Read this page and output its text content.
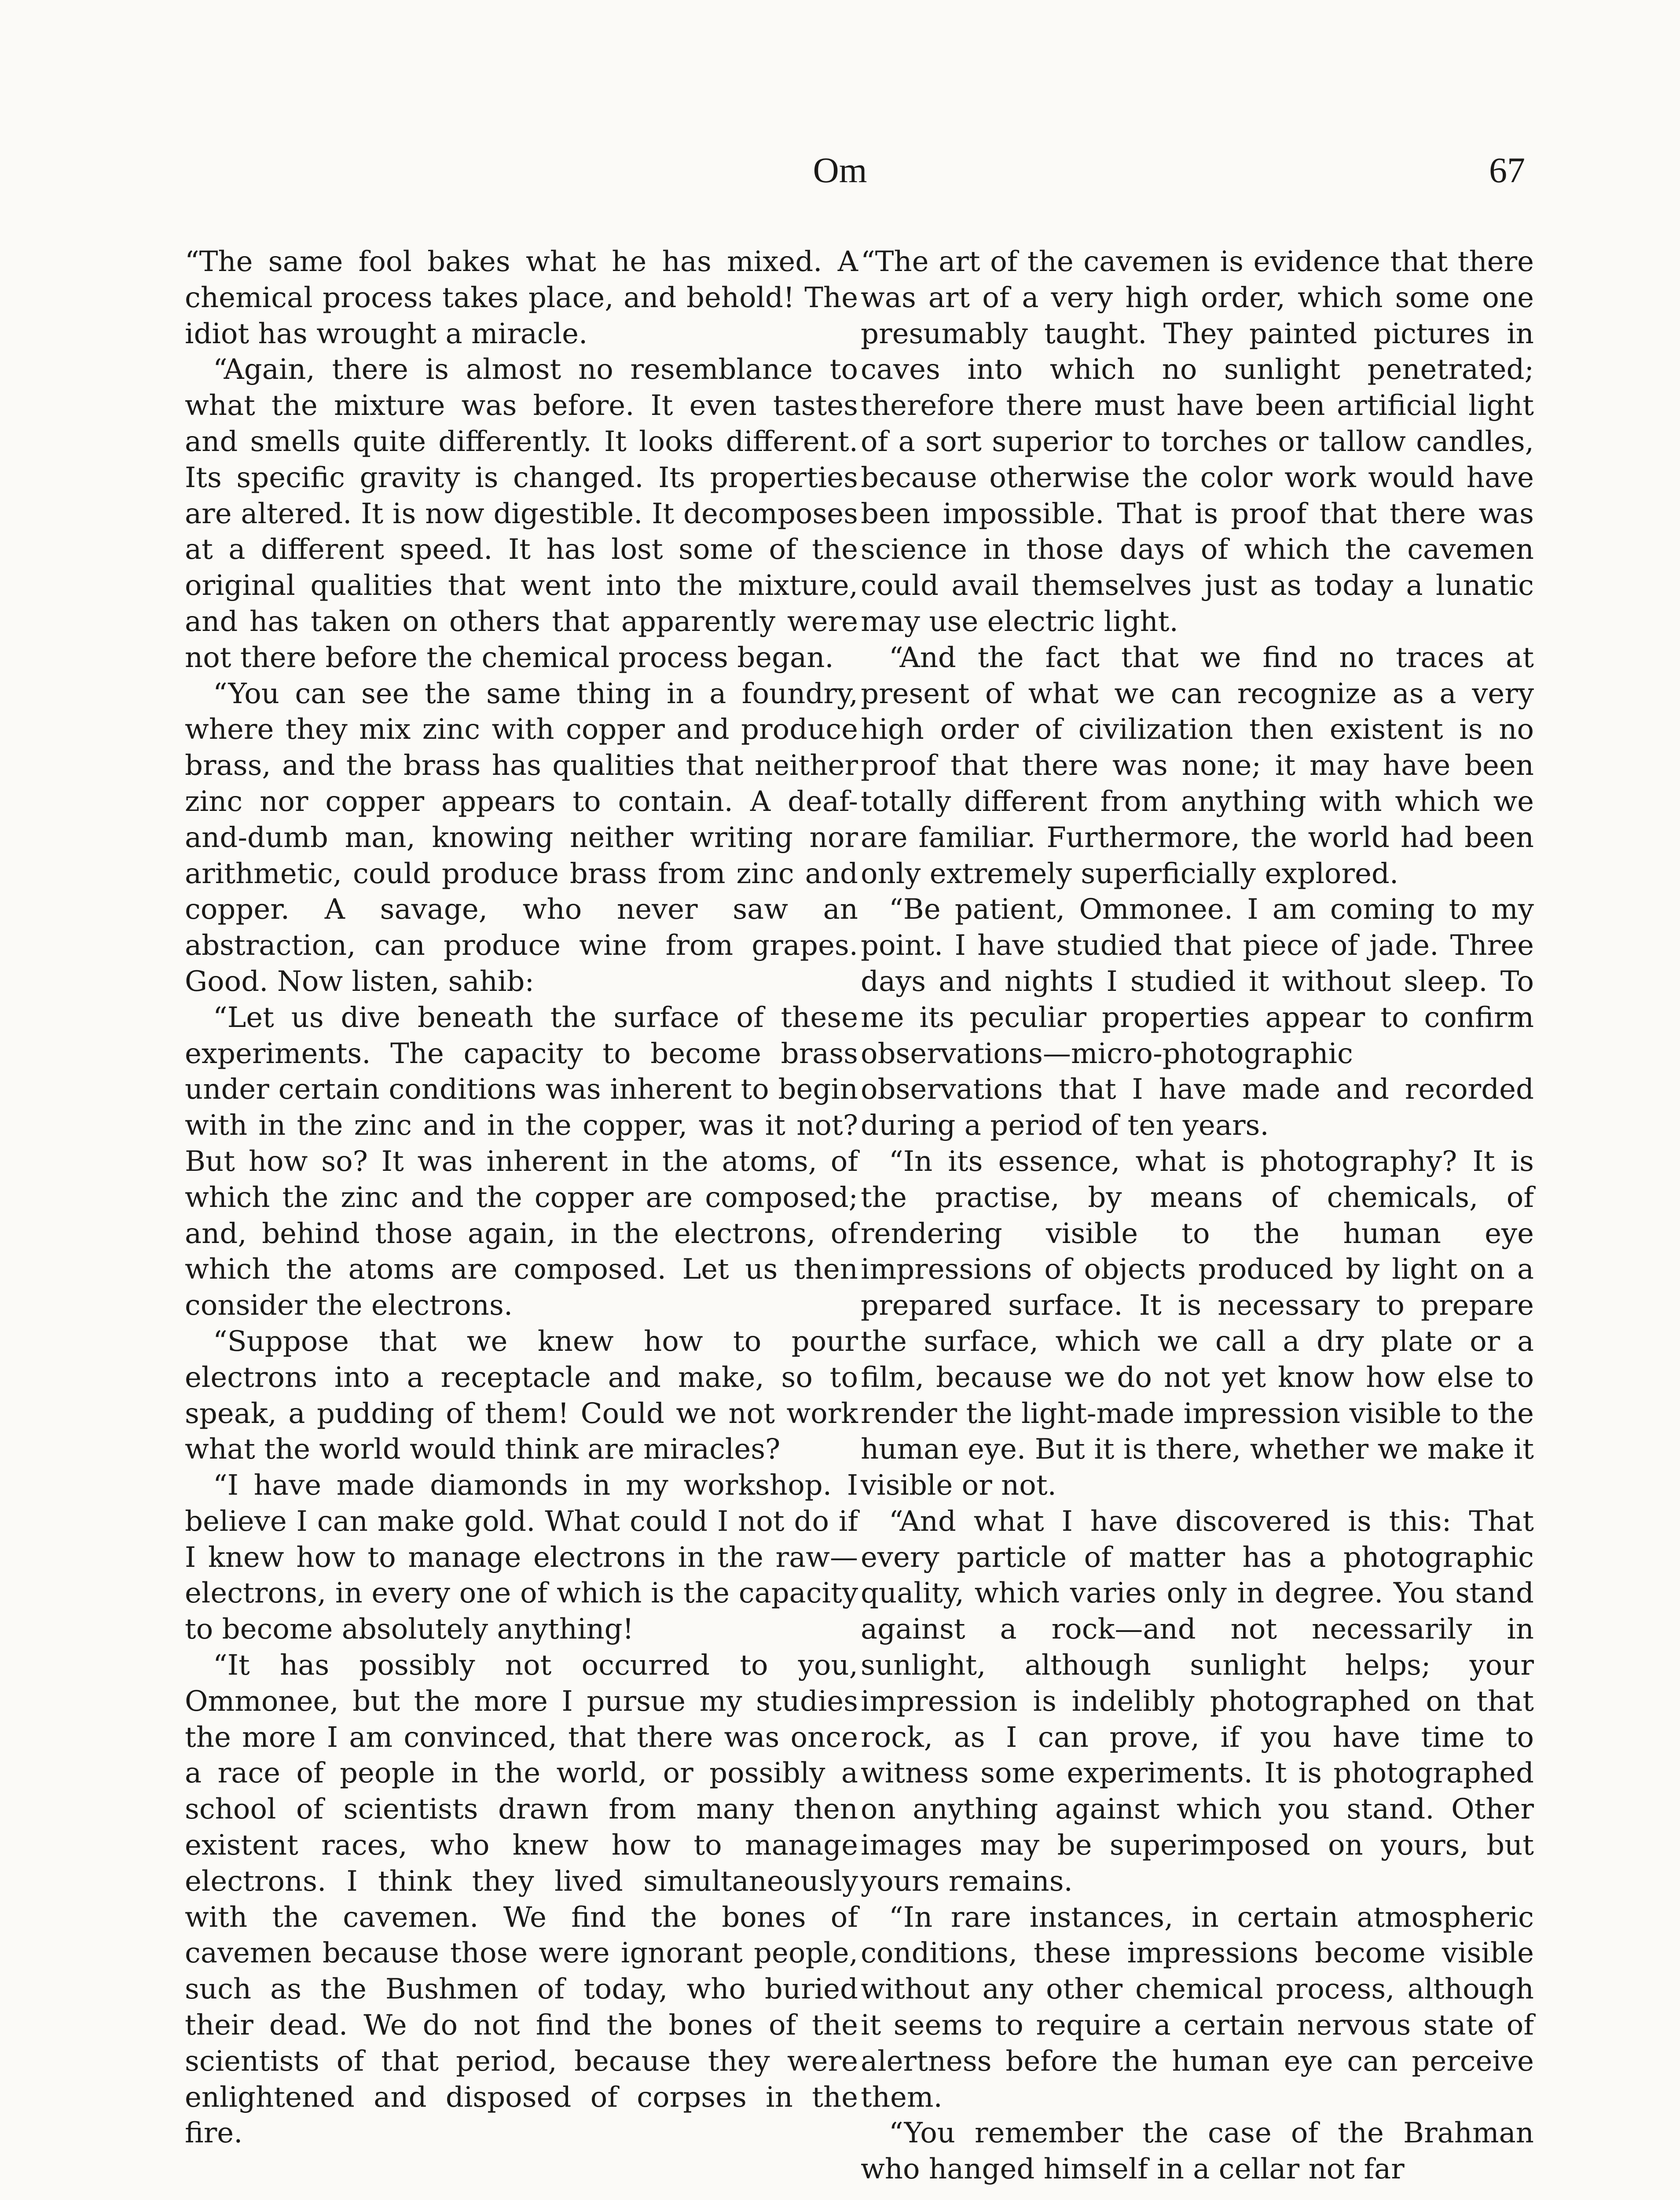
Om	67

“The same fool bakes what he has mixed. A chemical process takes place, and behold! The idiot has wrought a miracle.

“Again, there is almost no resemblance to what the mixture was before. It even tastes and smells quite differently. It looks different. Its specific gravity is changed. Its properties are altered. It is now digestible. It decomposes at a different speed. It has lost some of the original qualities that went into the mixture, and has taken on others that apparently were not there before the chemical process began.

“You can see the same thing in a foundry, where they mix zinc with copper and produce brass, and the brass has qualities that neither zinc nor copper appears to contain. A deaf-and-dumb man, knowing neither writing nor arithmetic, could produce brass from zinc and copper. A savage, who never saw an abstraction, can produce wine from grapes. Good. Now listen, sahib:

“Let us dive beneath the surface of these experiments. The capacity to become brass under certain conditions was inherent to begin with in the zinc and in the copper, was it not? But how so? It was inherent in the atoms, of which the zinc and the copper are composed; and, behind those again, in the electrons, of which the atoms are composed. Let us then consider the electrons.

“Suppose that we knew how to pour electrons into a receptacle and make, so to speak, a pudding of them! Could we not work what the world would think are miracles?

“I have made diamonds in my workshop. I believe I can make gold. What could I not do if I knew how to manage electrons in the raw—electrons, in every one of which is the capacity to become absolutely anything!

“It has possibly not occurred to you, Ommonee, but the more I pursue my studies the more I am convinced, that there was once a race of people in the world, or possibly a school of scientists drawn from many then existent races, who knew how to manage electrons. I think they lived simultaneously with the cavemen. We find the bones of cavemen because those were ignorant people, such as the Bushmen of today, who buried their dead. We do not find the bones of the scientists of that period, because they were enlightened and disposed of corpses in the fire.

“The art of the cavemen is evidence that there was art of a very high order, which some one presumably taught. They painted pictures in caves into which no sunlight penetrated; therefore there must have been artificial light of a sort superior to torches or tallow candles, because otherwise the color work would have been impossible. That is proof that there was science in those days of which the cavemen could avail themselves just as today a lunatic may use electric light.

“And the fact that we find no traces at present of what we can recognize as a very high order of civilization then existent is no proof that there was none; it may have been totally different from anything with which we are familiar. Furthermore, the world had been only extremely superficially explored.

“Be patient, Ommonee. I am coming to my point. I have studied that piece of jade. Three days and nights I studied it without sleep. To me its peculiar properties appear to confirm observations—micro-photographic observations that I have made and recorded during a period of ten years.

“In its essence, what is photography? It is the practise, by means of chemicals, of rendering visible to the human eye impressions of objects produced by light on a prepared surface. It is necessary to prepare the surface, which we call a dry plate or a film, because we do not yet know how else to render the light-made impression visible to the human eye. But it is there, whether we make it visible or not.

“And what I have discovered is this: That every particle of matter has a photographic quality, which varies only in degree. You stand against a rock—and not necessarily in sunlight, although sunlight helps; your impression is indelibly photographed on that rock, as I can prove, if you have time to witness some experiments. It is photographed on anything against which you stand. Other images may be superimposed on yours, but yours remains.

“In rare instances, in certain atmospheric conditions, these impressions become visible without any other chemical process, although it seems to require a certain nervous state of alertness before the human eye can perceive them.

“You remember the case of the Brahman who hanged himself in a cellar not far
